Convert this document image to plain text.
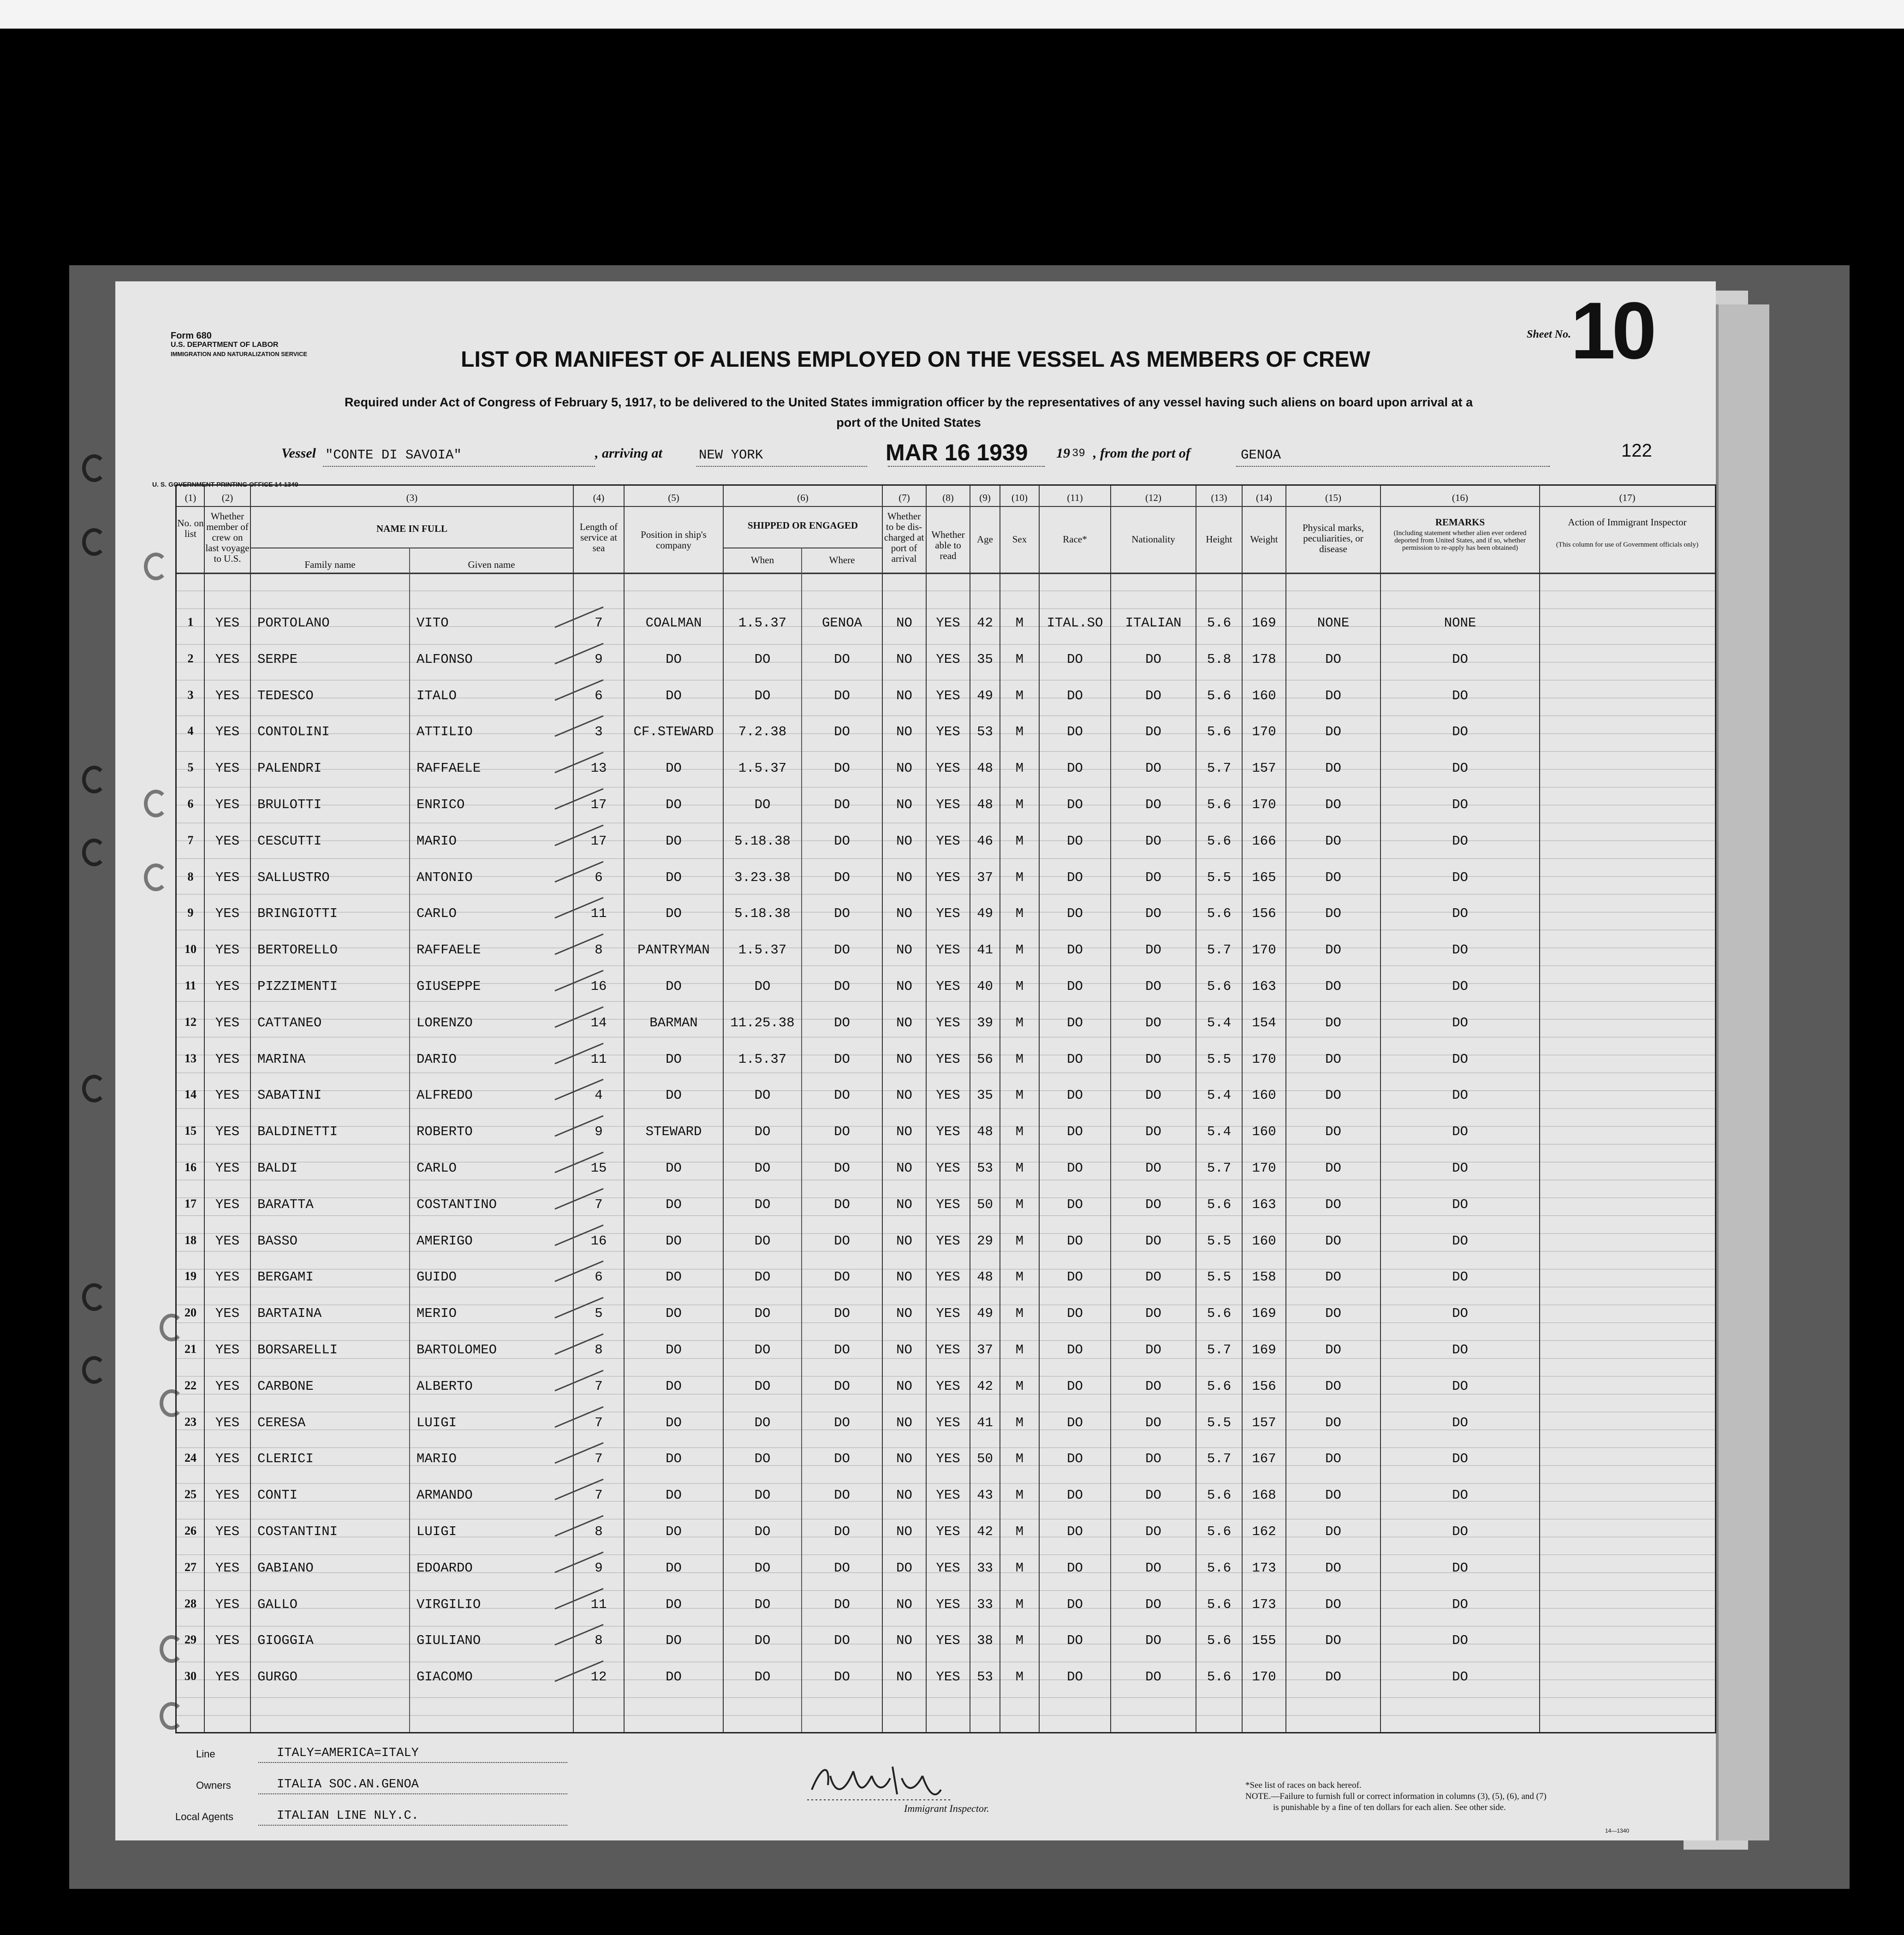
Form 680
U.S. DEPARTMENT OF LABOR
IMMIGRATION AND NATURALIZATION SERVICE
Sheet No. 10
LIST OR MANIFEST OF ALIENS EMPLOYED ON THE VESSEL AS MEMBERS OF CREW
Required under Act of Congress of February 5, 1917, to be delivered to the United States immigration officer by the representatives of any vessel having such aliens on board upon arrival at a
port of the United States
Vessel "CONTE DI SAVOIA"	, arriving at	NEW YORK	MAR 16 1939 19 39 , from the port of	GENOA	122
U. S. GOVERNMENT PRINTING OFFICE 14-1340
(1)	(2)	(3)	(4)	(5)	(6)	(7)	(8)	(9)	(10)	(11)	(12)	(13)	(14)	(15)	(16)	(17)
No. on list
Whether member of crew on last voyage to U.S.
NAME IN FULL
Family name	Given name
Length of service at sea
Position in ship's company
SHIPPED OR ENGAGED
When	Where
Whether to be dis-charged at port of arrival
Whether able to read
Age	Sex	Race*	Nationality	Height	Weight
Physical marks, peculiarities, or disease
REMARKS
(Including statement whether alien ever ordered deported from United States, and if so, whether permission to re-apply has been obtained)
Action of Immigrant Inspector
(This column for use of Government officials only)
1	YES	PORTOLANO	VITO	7	COALMAN	1.5.37	GENOA	NO	YES	42	M	ITAL.SO	ITALIAN	5.6	169	NONE	NONE
2	YES	SERPE	ALFONSO	9	DO	DO	DO	NO	YES	35	M	DO	DO	5.8	178	DO	DO
3	YES	TEDESCO	ITALO	6	DO	DO	DO	NO	YES	49	M	DO	DO	5.6	160	DO	DO
4	YES	CONTOLINI	ATTILIO	3	CF.STEWARD	7.2.38	DO	NO	YES	53	M	DO	DO	5.6	170	DO	DO
5	YES	PALENDRI	RAFFAELE	13	DO	1.5.37	DO	NO	YES	48	M	DO	DO	5.7	157	DO	DO
6	YES	BRULOTTI	ENRICO	17	DO	DO	DO	NO	YES	48	M	DO	DO	5.6	170	DO	DO
7	YES	CESCUTTI	MARIO	17	DO	5.18.38	DO	NO	YES	46	M	DO	DO	5.6	166	DO	DO
8	YES	SALLUSTRO	ANTONIO	6	DO	3.23.38	DO	NO	YES	37	M	DO	DO	5.5	165	DO	DO
9	YES	BRINGIOTTI	CARLO	11	DO	5.18.38	DO	NO	YES	49	M	DO	DO	5.6	156	DO	DO
10	YES	BERTORELLO	RAFFAELE	8	PANTRYMAN	1.5.37	DO	NO	YES	41	M	DO	DO	5.7	170	DO	DO
11	YES	PIZZIMENTI	GIUSEPPE	16	DO	DO	DO	NO	YES	40	M	DO	DO	5.6	163	DO	DO
12	YES	CATTANEO	LORENZO	14	BARMAN	11.25.38	DO	NO	YES	39	M	DO	DO	5.4	154	DO	DO
13	YES	MARINA	DARIO	11	DO	1.5.37	DO	NO	YES	56	M	DO	DO	5.5	170	DO	DO
14	YES	SABATINI	ALFREDO	4	DO	DO	DO	NO	YES	35	M	DO	DO	5.4	160	DO	DO
15	YES	BALDINETTI	ROBERTO	9	STEWARD	DO	DO	NO	YES	48	M	DO	DO	5.4	160	DO	DO
16	YES	BALDI	CARLO	15	DO	DO	DO	NO	YES	53	M	DO	DO	5.7	170	DO	DO
17	YES	BARATTA	COSTANTINO	7	DO	DO	DO	NO	YES	50	M	DO	DO	5.6	163	DO	DO
18	YES	BASSO	AMERIGO	16	DO	DO	DO	NO	YES	29	M	DO	DO	5.5	160	DO	DO
19	YES	BERGAMI	GUIDO	6	DO	DO	DO	NO	YES	48	M	DO	DO	5.5	158	DO	DO
20	YES	BARTAINA	MERIO	5	DO	DO	DO	NO	YES	49	M	DO	DO	5.6	169	DO	DO
21	YES	BORSARELLI	BARTOLOMEO	8	DO	DO	DO	NO	YES	37	M	DO	DO	5.7	169	DO	DO
22	YES	CARBONE	ALBERTO	7	DO	DO	DO	NO	YES	42	M	DO	DO	5.6	156	DO	DO
23	YES	CERESA	LUIGI	7	DO	DO	DO	NO	YES	41	M	DO	DO	5.5	157	DO	DO
24	YES	CLERICI	MARIO	7	DO	DO	DO	NO	YES	50	M	DO	DO	5.7	167	DO	DO
25	YES	CONTI	ARMANDO	7	DO	DO	DO	NO	YES	43	M	DO	DO	5.6	168	DO	DO
26	YES	COSTANTINI	LUIGI	8	DO	DO	DO	NO	YES	42	M	DO	DO	5.6	162	DO	DO
27	YES	GABIANO	EDOARDO	9	DO	DO	DO	DO	YES	33	M	DO	DO	5.6	173	DO	DO
28	YES	GALLO	VIRGILIO	11	DO	DO	DO	NO	YES	33	M	DO	DO	5.6	173	DO	DO
29	YES	GIOGGIA	GIULIANO	8	DO	DO	DO	NO	YES	38	M	DO	DO	5.6	155	DO	DO
30	YES	GURGO	GIACOMO	12	DO	DO	DO	NO	YES	53	M	DO	DO	5.6	170	DO	DO
Line	ITALY=AMERICA=ITALY
Owners	ITALIA SOC.AN.GENOA
Local Agents	ITALIAN LINE NLY.C.
Immigrant Inspector.
*See list of races on back hereof.
NOTE.—Failure to furnish full or correct information in columns (3), (5), (6), and (7)
is punishable by a fine of ten dollars for each alien. See other side.
14—1340
